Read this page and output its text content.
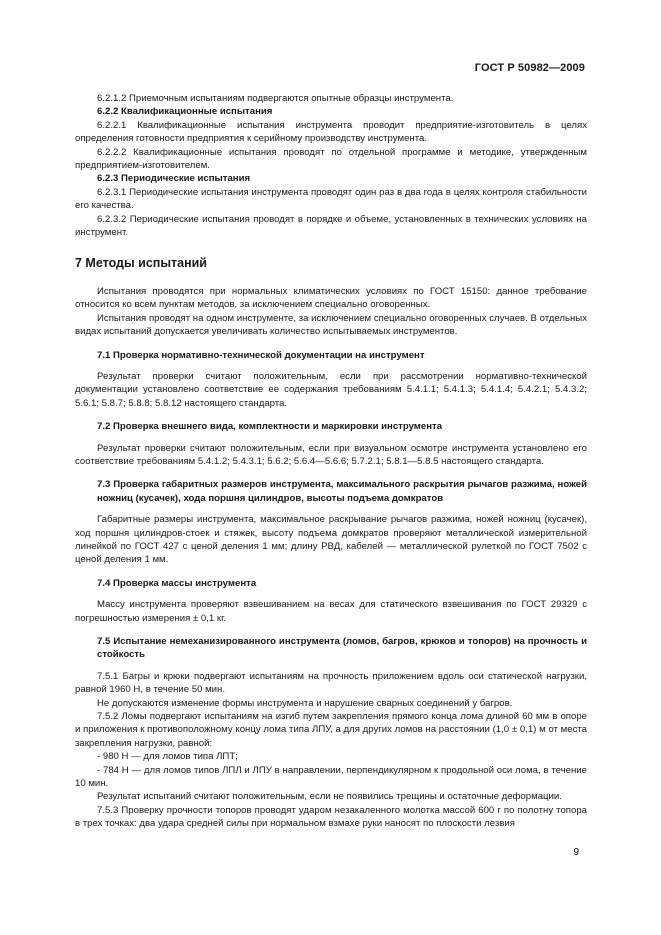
ГОСТ Р 50982—2009

6.2.1.2 Приемочным испытаниям подвергаются опытные образцы инструмента.

6.2.2 Квалификационные испытания

6.2.2.1 Квалификационные испытания инструмента проводит предприятие-изготовитель в целях определения готовности предприятия к серийному производству инструмента.

6.2.2.2 Квалификационные испытания проводят по отдельной программе и методике, утвержденным предприятием-изготовителем.

6.2.3 Периодические испытания

6.2.3.1 Периодические испытания инструмента проводят один раз в два года в целях контроля стабильности его качества.

6.2.3.2 Периодические испытания проводят в порядке и объеме, установленных в технических условиях на инструмент.

7 Методы испытаний

Испытания проводятся при нормальных климатических условиях по ГОСТ 15150: данное требование относится ко всем пунктам методов, за исключением специально оговоренных.

Испытания проводят на одном инструменте, за исключением специально оговоренных случаев. В отдельных видах испытаний допускается увеличивать количество испытываемых инструментов.

7.1 Проверка нормативно-технической документации на инструмент

Результат проверки считают положительным, если при рассмотрении нормативно-технической документации установлено соответствие ее содержания требованиям 5.4.1.1; 5.4.1.3; 5.4.1.4; 5.4.2.1; 5.4.3.2; 5.6.1; 5.8.7; 5.8.8; 5.8.12 настоящего стандарта.

7.2 Проверка внешнего вида, комплектности и маркировки инструмента

Результат проверки считают положительным, если при визуальном осмотре инструмента установлено его соответствие требованиям 5.4.1.2; 5.4.3.1; 5.6.2; 5.6.4—5.6.6; 5.7.2.1; 5.8.1—5.8.5 настоящего стандарта.

7.3 Проверка габаритных размеров инструмента, максимального раскрытия рычагов разжима, ножей ножниц (кусачек), хода поршня цилиндров, высоты подъема домкратов

Габаритные размеры инструмента, максимальное раскрывание рычагов разжима, ножей ножниц (кусачек), ход поршня цилиндров-стоек и стяжек, высоту подъема домкратов проверяют металлической измерительной линейкой по ГОСТ 427 с ценой деления 1 мм; длину РВД, кабелей — металлической рулеткой по ГОСТ 7502 с ценой деления 1 мм.

7.4 Проверка массы инструмента

Массу инструмента проверяют взвешиванием на весах для статического взвешивания по ГОСТ 29329 с погрешностью измерения ± 0,1 кг.

7.5 Испытание немеханизированного инструмента (ломов, багров, крюков и топоров) на прочность и стойкость

7.5.1 Багры и крюки подвергают испытаниям на прочность приложением вдоль оси статической нагрузки, равной 1960 Н, в течение 50 мин.

Не допускаются изменение формы инструмента и нарушение сварных соединений у багров.

7.5.2 Ломы подвергают испытаниям на изгиб путем закрепления прямого конца лома длиной 60 мм в опоре и приложения к противоположному концу лома типа ЛПУ, а для других ломов на расстоянии (1,0 ± 0,1) м от места закрепления нагрузки, равной:

- 980 Н — для ломов типа ЛПТ;

- 784 Н — для ломов типов ЛПЛ и ЛПУ в направлении, перпендикулярном к продольной оси лома, в течение 10 мин.

Результат испытаний считают положительным, если не появились трещины и остаточные деформации.

7.5.3 Проверку прочности топоров проводят ударом незакаленного молотка массой 600 г по полотну топора в трех точках: два удара средней силы при нормальном взмахе руки наносят по плоскости лезвия

9
